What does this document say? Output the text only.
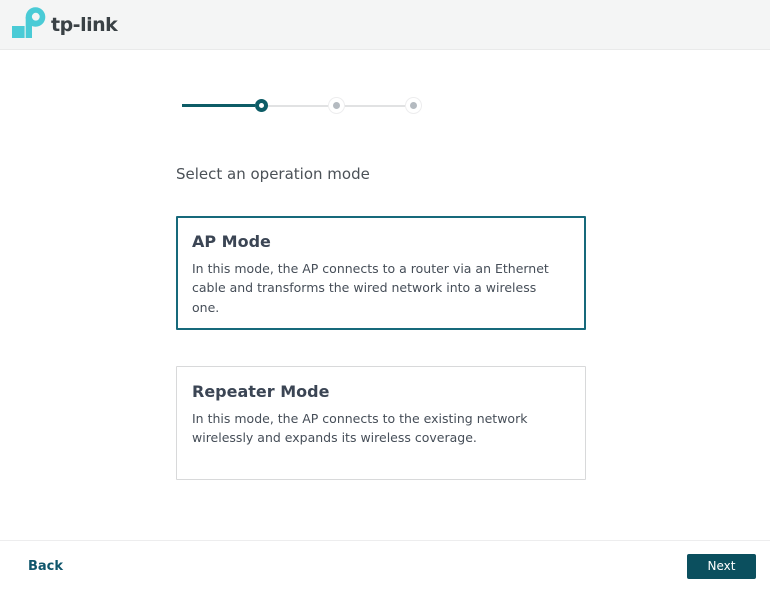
tp-link
Select an operation mode
AP Mode

In this mode, the AP connects to a router via an Ethernet cable and transforms the wired network into a wireless one.

Repeater Mode

In this mode, the AP connects to the existing network wirelessly and expands its wireless coverage.

Back	Next
